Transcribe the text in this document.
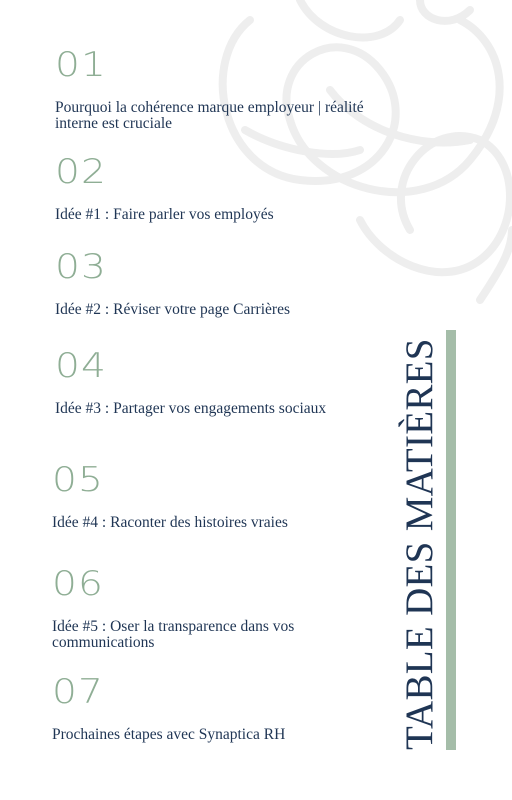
01
Pourquoi la cohérence marque employeur | réalité interne est cruciale
02
Idée #1 : Faire parler vos employés
03
Idée #2 : Réviser votre page Carrières
04
Idée #3 : Partager vos engagements sociaux
05
Idée #4 : Raconter des histoires vraies
06
Idée #5 : Oser la transparence dans vos communications
07
Prochaines étapes avec Synaptica RH	TABLE DES MATIÈRES
